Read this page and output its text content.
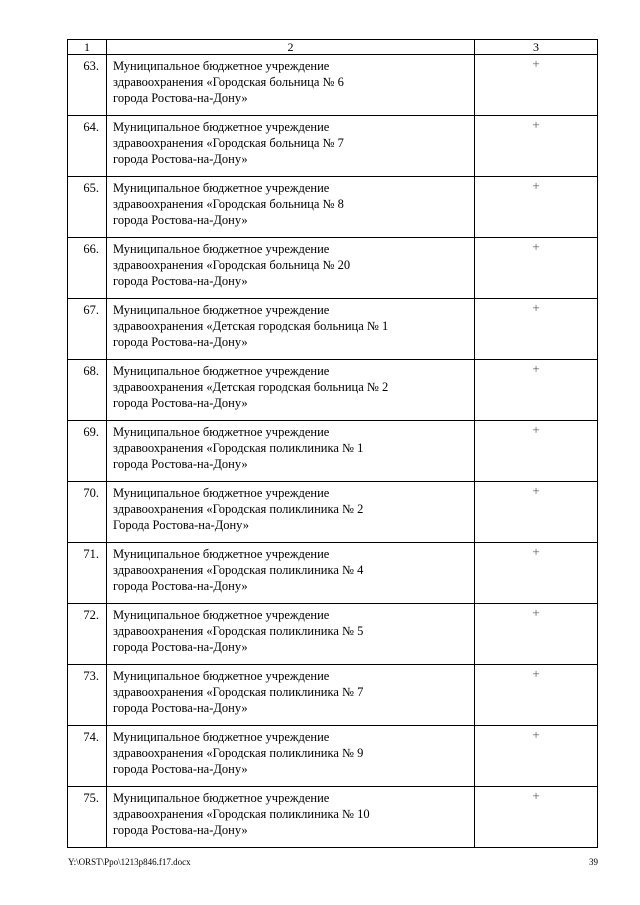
1	2	3
63.	Муниципальное бюджетное учреждение
здравоохранения «Городская больница № 6
города Ростова-на-Дону»	+
64.	Муниципальное бюджетное учреждение
здравоохранения «Городская больница № 7
города Ростова-на-Дону»	+
65.	Муниципальное бюджетное учреждение
здравоохранения «Городская больница № 8
города Ростова-на-Дону»	+
66.	Муниципальное бюджетное учреждение
здравоохранения «Городская больница № 20
города Ростова-на-Дону»	+
67.	Муниципальное бюджетное учреждение
здравоохранения «Детская городская больница № 1
города Ростова-на-Дону»	+
68.	Муниципальное бюджетное учреждение
здравоохранения «Детская городская больница № 2
города Ростова-на-Дону»	+
69.	Муниципальное бюджетное учреждение
здравоохранения «Городская поликлиника № 1
города Ростова-на-Дону»	+
70.	Муниципальное бюджетное учреждение
здравоохранения «Городская поликлиника № 2
Города Ростова-на-Дону»	+
71.	Муниципальное бюджетное учреждение
здравоохранения «Городская поликлиника № 4
города Ростова-на-Дону»	+
72.	Муниципальное бюджетное учреждение
здравоохранения «Городская поликлиника № 5
города Ростова-на-Дону»	+
73.	Муниципальное бюджетное учреждение
здравоохранения «Городская поликлиника № 7
города Ростова-на-Дону»	+
74.	Муниципальное бюджетное учреждение
здравоохранения «Городская поликлиника № 9
города Ростова-на-Дону»	+
75.	Муниципальное бюджетное учреждение
здравоохранения «Городская поликлиника № 10
города Ростова-на-Дону»	+
Y:\ORST\Ppo\1213p846.f17.docx	39
